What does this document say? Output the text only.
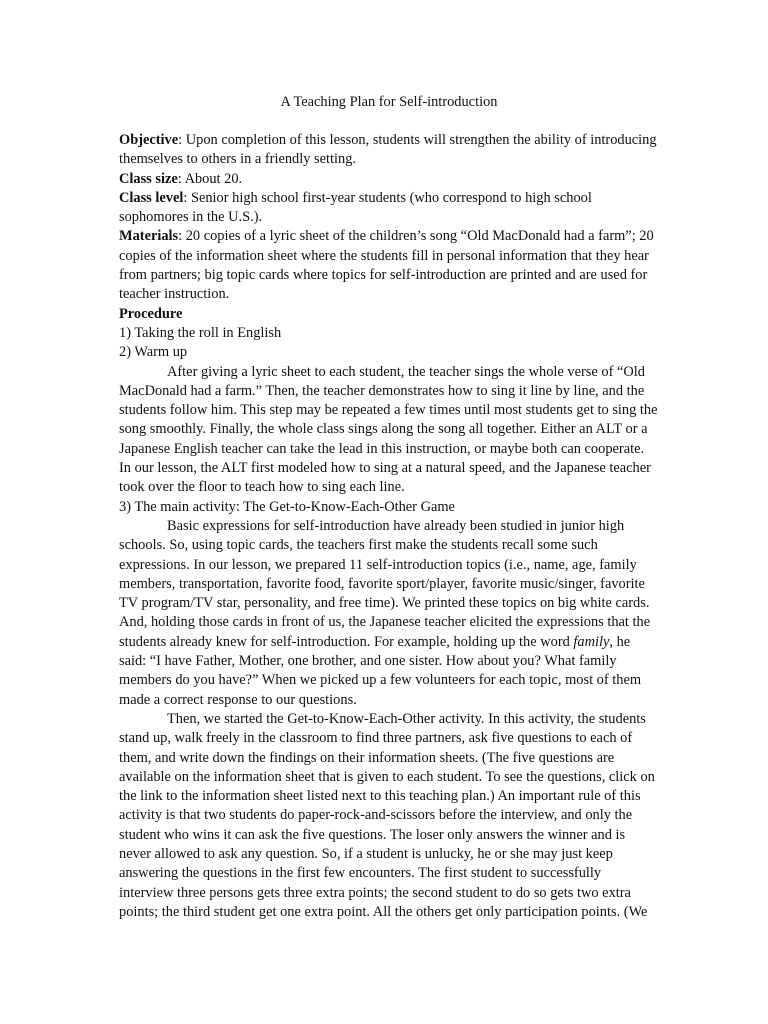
A Teaching Plan for Self-introduction

Objective: Upon completion of this lesson, students will strengthen the ability of introducing themselves to others in a friendly setting.

Class size: About 20.

Class level: Senior high school first-year students (who correspond to high school sophomores in the U.S.).

Materials: 20 copies of a lyric sheet of the children’s song “Old MacDonald had a farm”; 20 copies of the information sheet where the students fill in personal information that they hear from partners; big topic cards where topics for self-introduction are printed and are used for teacher instruction.

Procedure

1) Taking the roll in English

2) Warm up

After giving a lyric sheet to each student, the teacher sings the whole verse of “Old MacDonald had a farm.” Then, the teacher demonstrates how to sing it line by line, and the students follow him. This step may be repeated a few times until most students get to sing the song smoothly. Finally, the whole class sings along the song all together. Either an ALT or a Japanese English teacher can take the lead in this instruction, or maybe both can cooperate. In our lesson, the ALT first modeled how to sing at a natural speed, and the Japanese teacher took over the floor to teach how to sing each line.

3) The main activity: The Get-to-Know-Each-Other Game

Basic expressions for self-introduction have already been studied in junior high schools. So, using topic cards, the teachers first make the students recall some such expressions. In our lesson, we prepared 11 self-introduction topics (i.e., name, age, family members, transportation, favorite food, favorite sport/player, favorite music/singer, favorite TV program/TV star, personality, and free time). We printed these topics on big white cards. And, holding those cards in front of us, the Japanese teacher elicited the expressions that the students already knew for self-introduction. For example, holding up the word family, he said: “I have Father, Mother, one brother, and one sister. How about you? What family members do you have?” When we picked up a few volunteers for each topic, most of them made a correct response to our questions.

Then, we started the Get-to-Know-Each-Other activity. In this activity, the students stand up, walk freely in the classroom to find three partners, ask five questions to each of them, and write down the findings on their information sheets. (The five questions are available on the information sheet that is given to each student. To see the questions, click on the link to the information sheet listed next to this teaching plan.) An important rule of this activity is that two students do paper-rock-and-scissors before the interview, and only the student who wins it can ask the five questions. The loser only answers the winner and is never allowed to ask any question. So, if a student is unlucky, he or she may just keep answering the questions in the first few encounters. The first student to successfully interview three persons gets three extra points; the second student to do so gets two extra points; the third student get one extra point. All the others get only participation points. (We
